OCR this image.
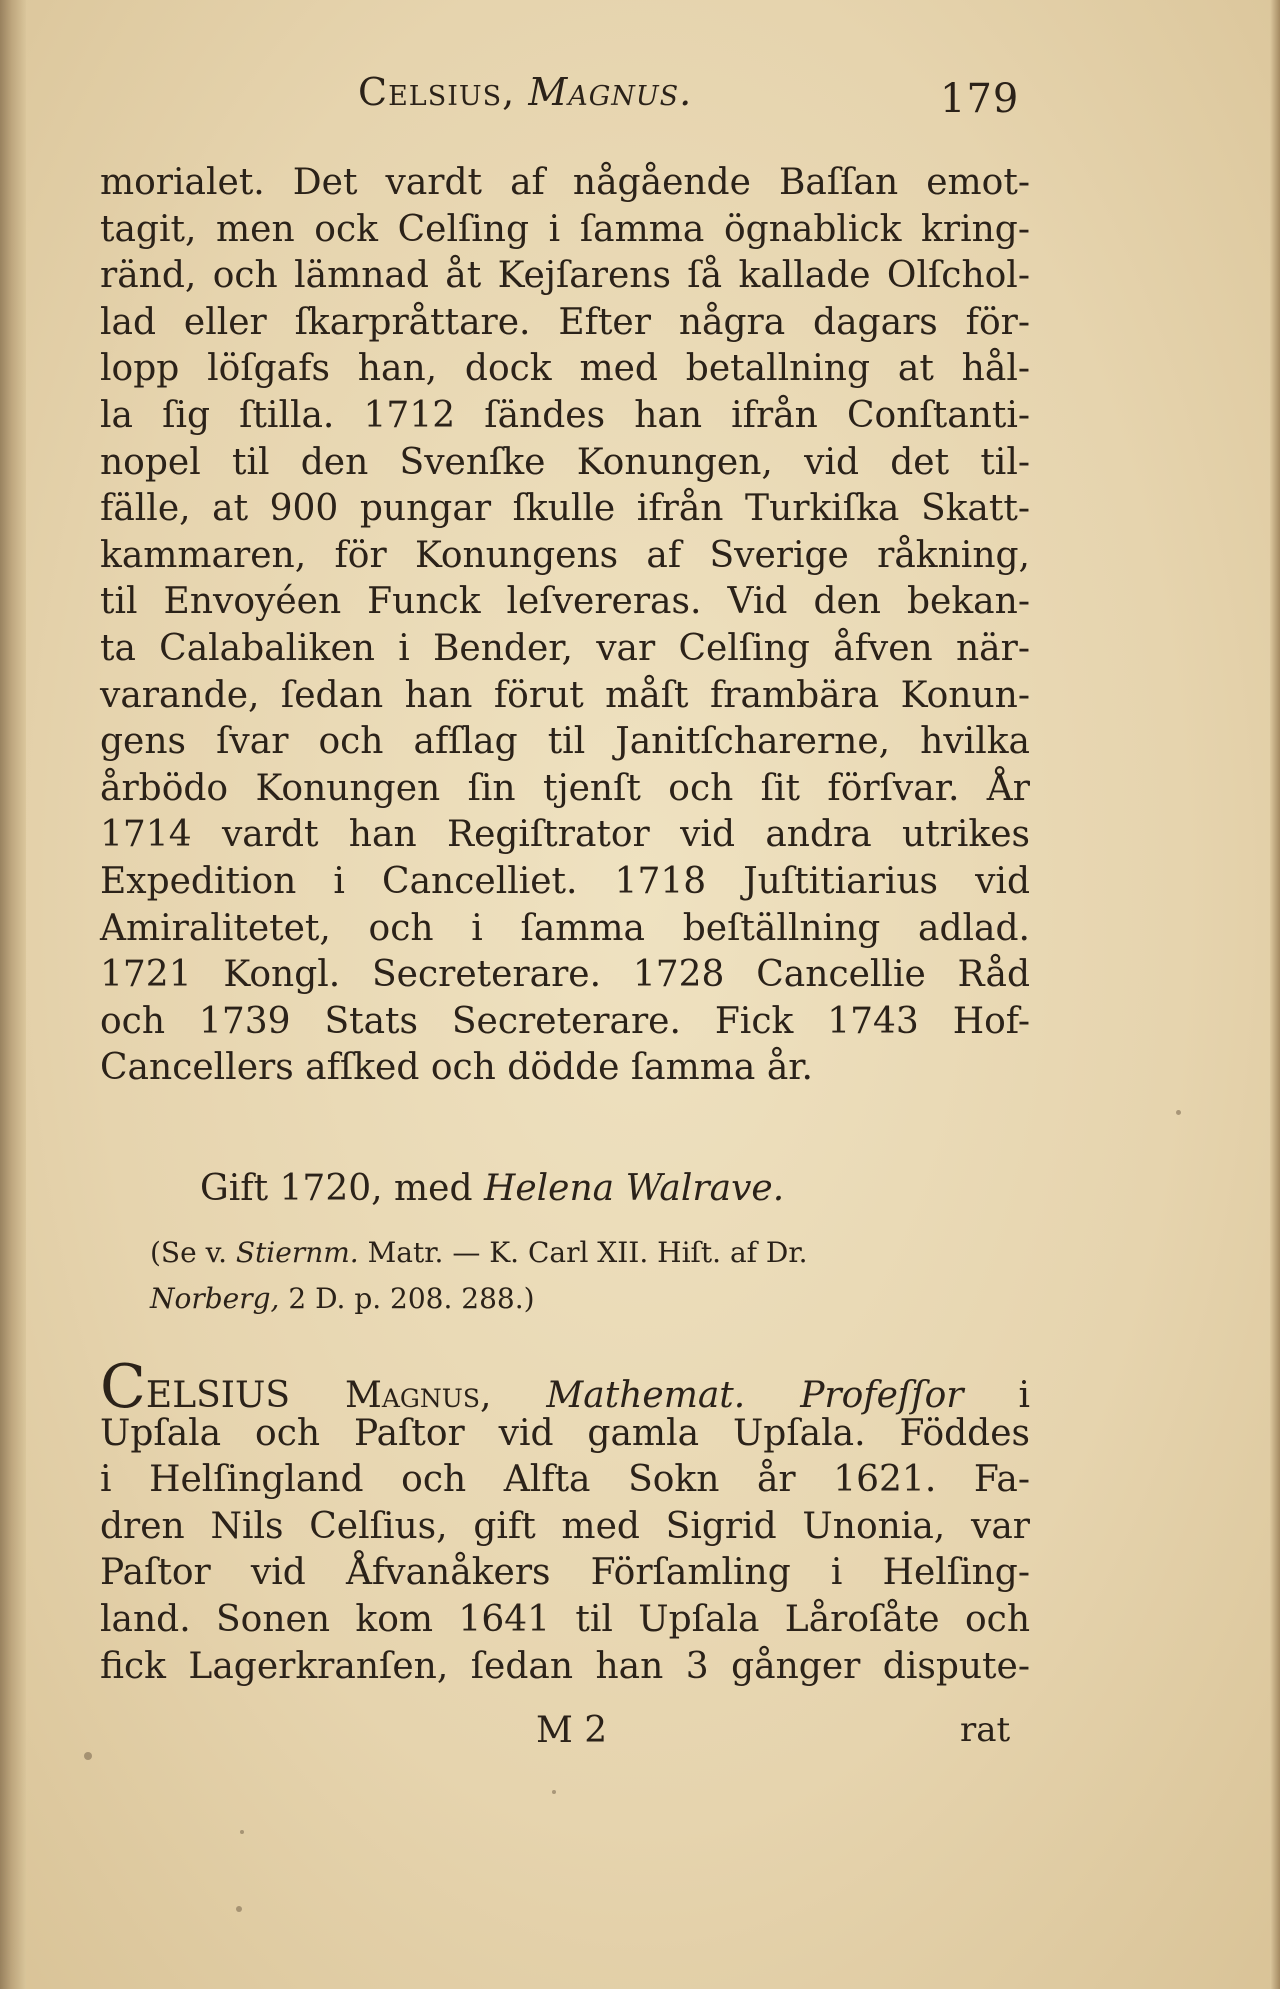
Celsius, Magnus.	179
morialet. Det vardt af någående Baſſan emot-
tagit, men ock Celſing i ſamma ögnablick kring-
ränd, och lämnad åt Kejſarens ſå kallade Olſchol-
lad eller ſkarpråttare. Efter några dagars för-
lopp löſgafs han, dock med betallning at hål-
la ſig ſtilla. 1712 ſändes han ifrån Conſtanti-
nopel til den Svenſke Konungen, vid det til-
fälle, at 900 pungar ſkulle ifrån Turkiſka Skatt-
kammaren, för Konungens af Sverige råkning,
til Envoyéen Funck leſvereras. Vid den bekan-
ta Calabaliken i Bender, var Celſing åfven när-
varande, ſedan han förut måſt frambära Konun-
gens ſvar och afſlag til Janitſcharerne, hvilka
årbödo Konungen ſin tjenſt och ſit förſvar. År
1714 vardt han Regiſtrator vid andra utrikes
Expedition i Cancelliet. 1718 Juſtitiarius vid
Amiralitetet, och i ſamma beſtällning adlad.
1721 Kongl. Secreterare. 1728 Cancellie Råd
och 1739 Stats Secreterare. Fick 1743 Hof-
Cancellers afſked och dödde ſamma år.
Gift 1720, med Helena Walrave.
(Se v. Stiernm. Matr. — K. Carl XII. Hiſt. af Dr.
Norberg, 2 D. p. 208. 288.)
CELSIUS Magnus, Mathemat. Profeſſor i
Upſala och Paſtor vid gamla Upſala. Föddes
i Helſingland och Alfta Sokn år 1621. Fa-
dren Nils Celſius, gift med Sigrid Unonia, var
Paſtor vid Åfvanåkers Förſamling i Helſing-
land. Sonen kom 1641 til Upſala Låroſåte och
fick Lagerkranſen, ſedan han 3 gånger dispute-
M 2	rat
